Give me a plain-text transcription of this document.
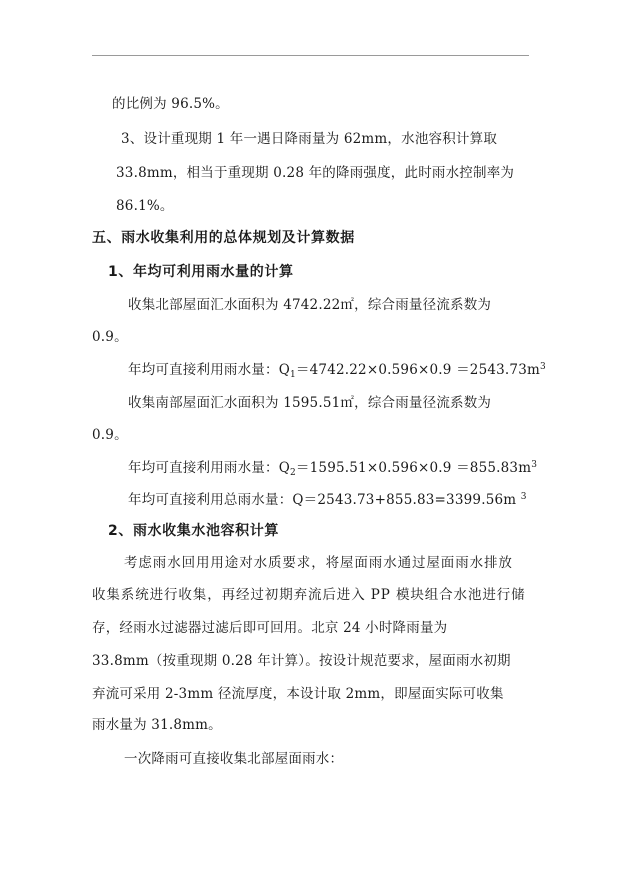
的比例为 96.5%。
3、设计重现期 1 年一遇日降雨量为 62mm，水池容积计算取
33.8mm，相当于重现期 0.28 年的降雨强度，此时雨水控制率为
86.1%。
五、雨水收集利用的总体规划及计算数据
1、年均可利用雨水量的计算
收集北部屋面汇水面积为 4742.22㎡，综合雨量径流系数为
0.9。
年均可直接利用雨水量：$Q_1=4742.22\times 0.596\times 0.9 =2543.73m^3$
收集南部屋面汇水面积为 1595.51㎡，综合雨量径流系数为
0.9。
年均可直接利用雨水量：$Q_2=1595.51\times 0.596\times 0.9 =855.83m^3$
年均可直接利用总雨水量：Q＝2543.73+855.83=3399.56m $^3$
2、雨水收集水池容积计算
考虑雨水回用用途对水质要求，将屋面雨水通过屋面雨水排放
收集系统进行收集，再经过初期弃流后进入 PP 模块组合水池进行储
存，经雨水过滤器过滤后即可回用。北京 24 小时降雨量为
33.8mm（按重现期 0.28 年计算）。按设计规范要求，屋面雨水初期
弃流可采用 2-3mm 径流厚度，本设计取 2mm，即屋面实际可收集
雨水量为 31.8mm。
一次降雨可直接收集北部屋面雨水：
